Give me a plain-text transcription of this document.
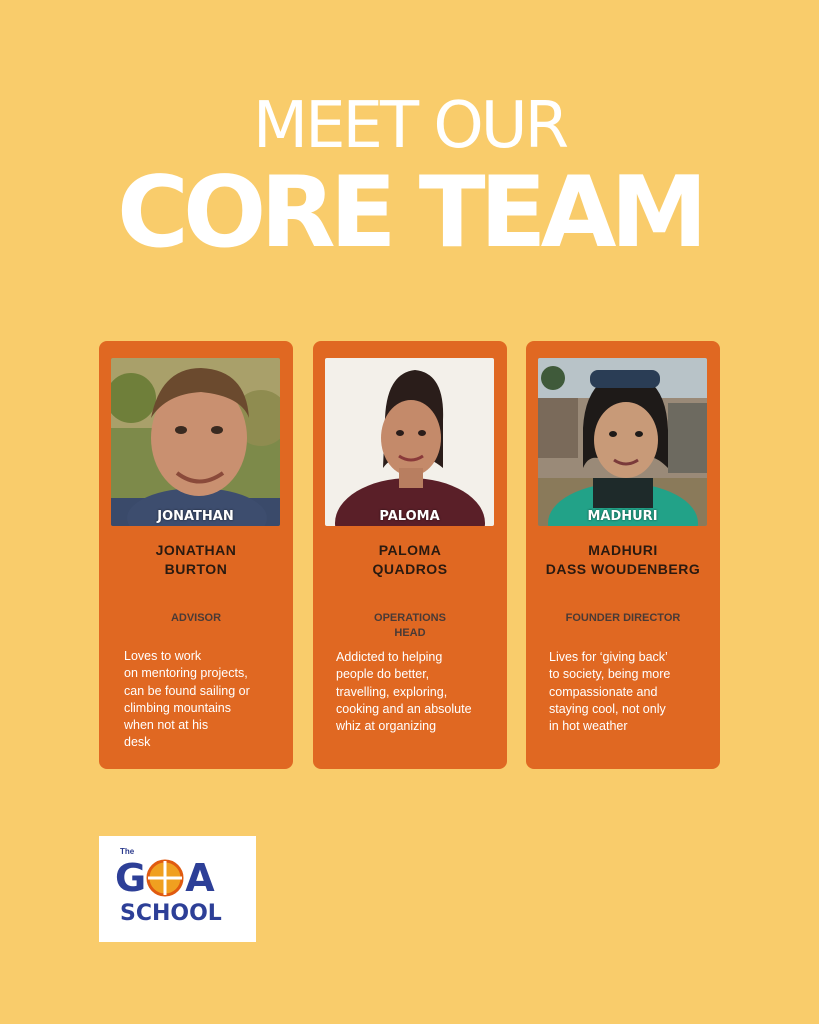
MEET OUR
CORE TEAM
JONATHAN
JONATHAN
BURTON
ADVISOR
Loves to work
on mentoring projects,
can be found sailing or
climbing mountains
when not at his
desk
PALOMA
PALOMA
QUADROS
OPERATIONS
HEAD
Addicted to helping
people do better,
travelling, exploring,
cooking and an absolute
whiz at organizing
MADHURI
MADHURI
DASS WOUDENBERG
FOUNDER DIRECTOR
Lives for ‘giving back’
to society, being more
compassionate and
staying cool, not only
in hot weather
The
G A
SCHOOL
